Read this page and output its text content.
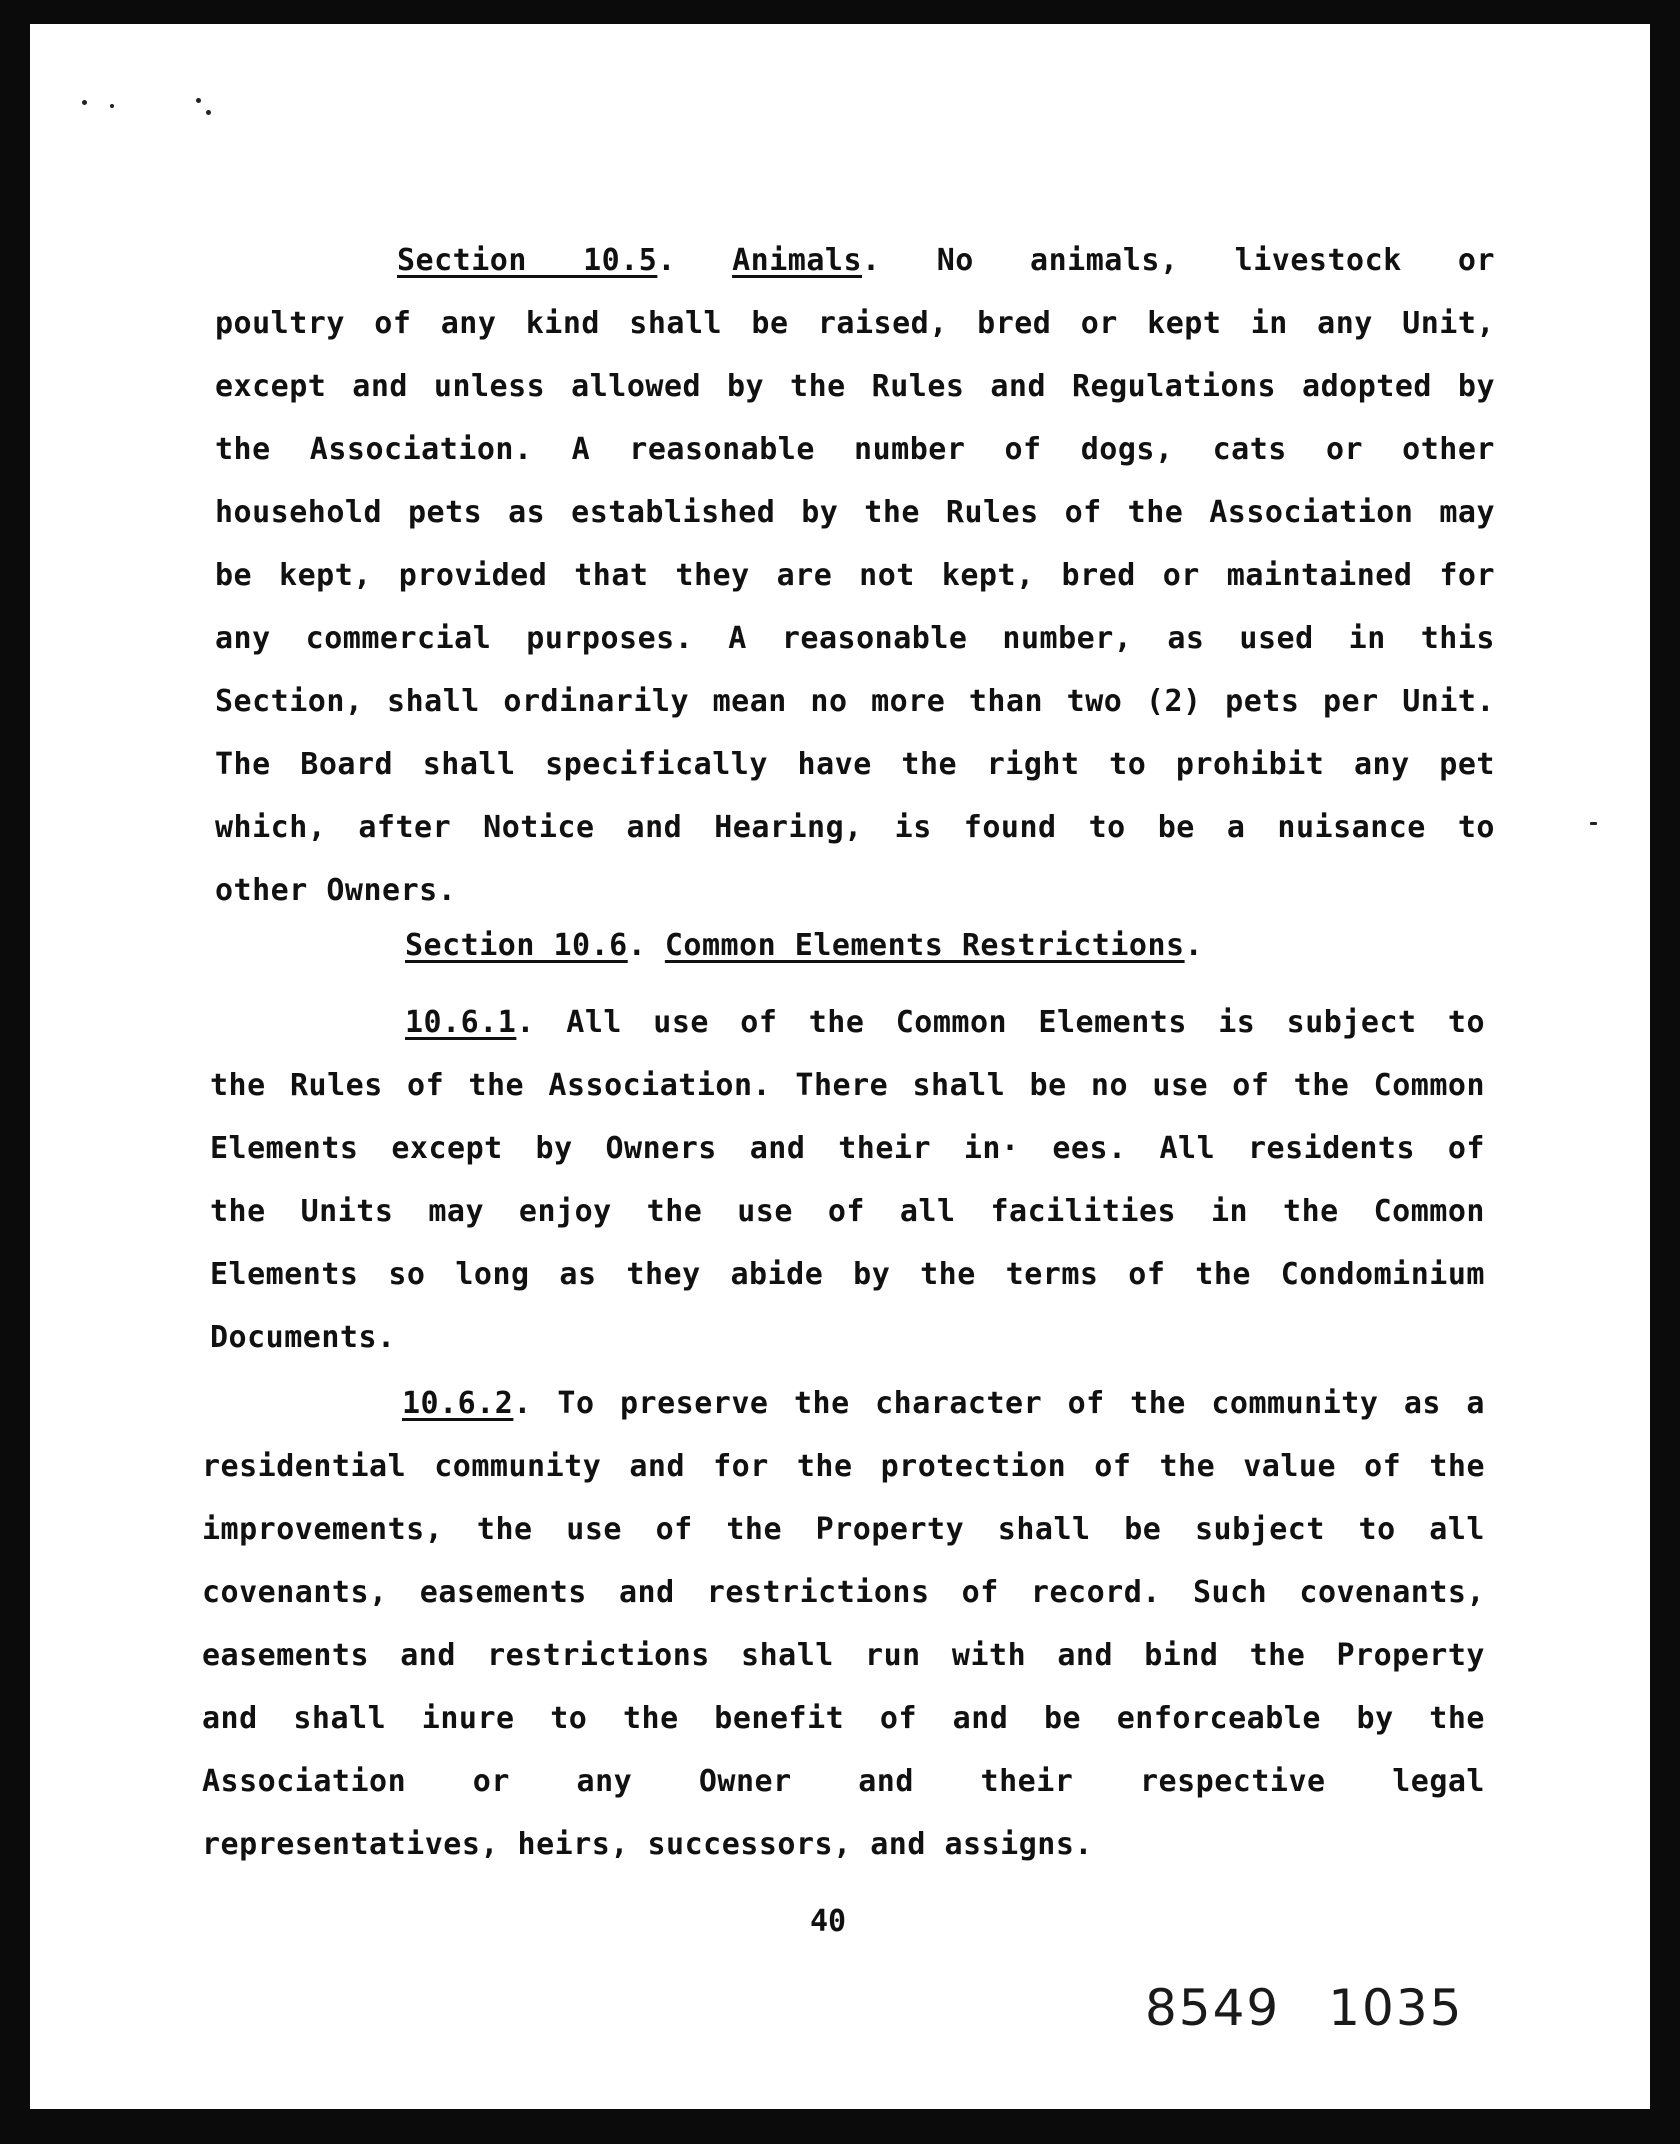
Section 10.5. Animals. No animals, livestock or
poultry of any kind shall be raised, bred or kept in any Unit,
except and unless allowed by the Rules and Regulations adopted by
the Association. A reasonable number of dogs, cats or other
household pets as established by the Rules of the Association may
be kept, provided that they are not kept, bred or maintained for
any commercial purposes. A reasonable number, as used in this
Section, shall ordinarily mean no more than two (2) pets per Unit.
The Board shall specifically have the right to prohibit any pet
which, after Notice and Hearing, is found to be a nuisance to
other Owners.
Section 10.6. Common Elements Restrictions.
10.6.1. All use of the Common Elements is subject to
the Rules of the Association. There shall be no use of the Common
Elements except by Owners and their in· ees. All residents of
the Units may enjoy the use of all facilities in the Common
Elements so long as they abide by the terms of the Condominium
Documents.
10.6.2. To preserve the character of the community as a
residential community and for the protection of the value of the
improvements, the use of the Property shall be subject to all
covenants, easements and restrictions of record. Such covenants,
easements and restrictions shall run with and bind the Property
and shall inure to the benefit of and be enforceable by the
Association or any Owner and their respective legal
representatives, heirs, successors, and assigns.
40
8549 1035
